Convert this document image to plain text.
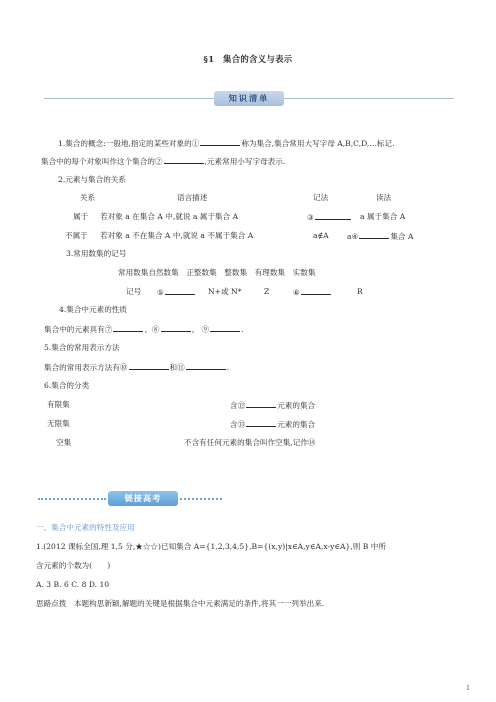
§1　集合的含义与表示
知识清单
1.集合的概念:一般地,指定的某些对象的①	称为集合,集合常用大写字母 A,B,C,D,…标记.
集合中的每个对象叫作这个集合的②	,元素常用小写字母表示.
2.元素与集合的关系
关系	语言描述	记法	读法
属于 若对象 a 在集合 A 中,就说 a 属于集合 A	③	a 属于集合 A
不属于 若对象 a 不在集合 A 中,就说 a 不属于集合 A	a∉A a④	集合 A
3.常用数集的记号
常用数集自然数集　正整数集　整数集　有理数集　实数集
记号 ⑤	N+或 N*	Z	⑥	R
4.集合中元素的性质
集合中的元素具有⑦	、⑧	、 ⑨	.
5.集合的常用表示方法
集合的常用表示方法有⑩	和⑪	.
6.集合的分类
有限集	含⑫	元素的集合
无限集	含⑬	元素的集合
空集	不含有任何元素的集合叫作空集,记作⑭
链接高考
一、集合中元素的特性及应用
1.(2012 课标全国,理 1,5 分,★☆☆)已知集合 A={1,2,3,4,5},B={(x,y)|x∈A,y∈A,x-y∈A},则 B 中所
含元素的个数为(　　)
A. 3 B. 6 C. 8 D. 10
思路点拨　本题构思新颖,解题的关键是根据集合中元素满足的条件,将其一一列举出来.
1
